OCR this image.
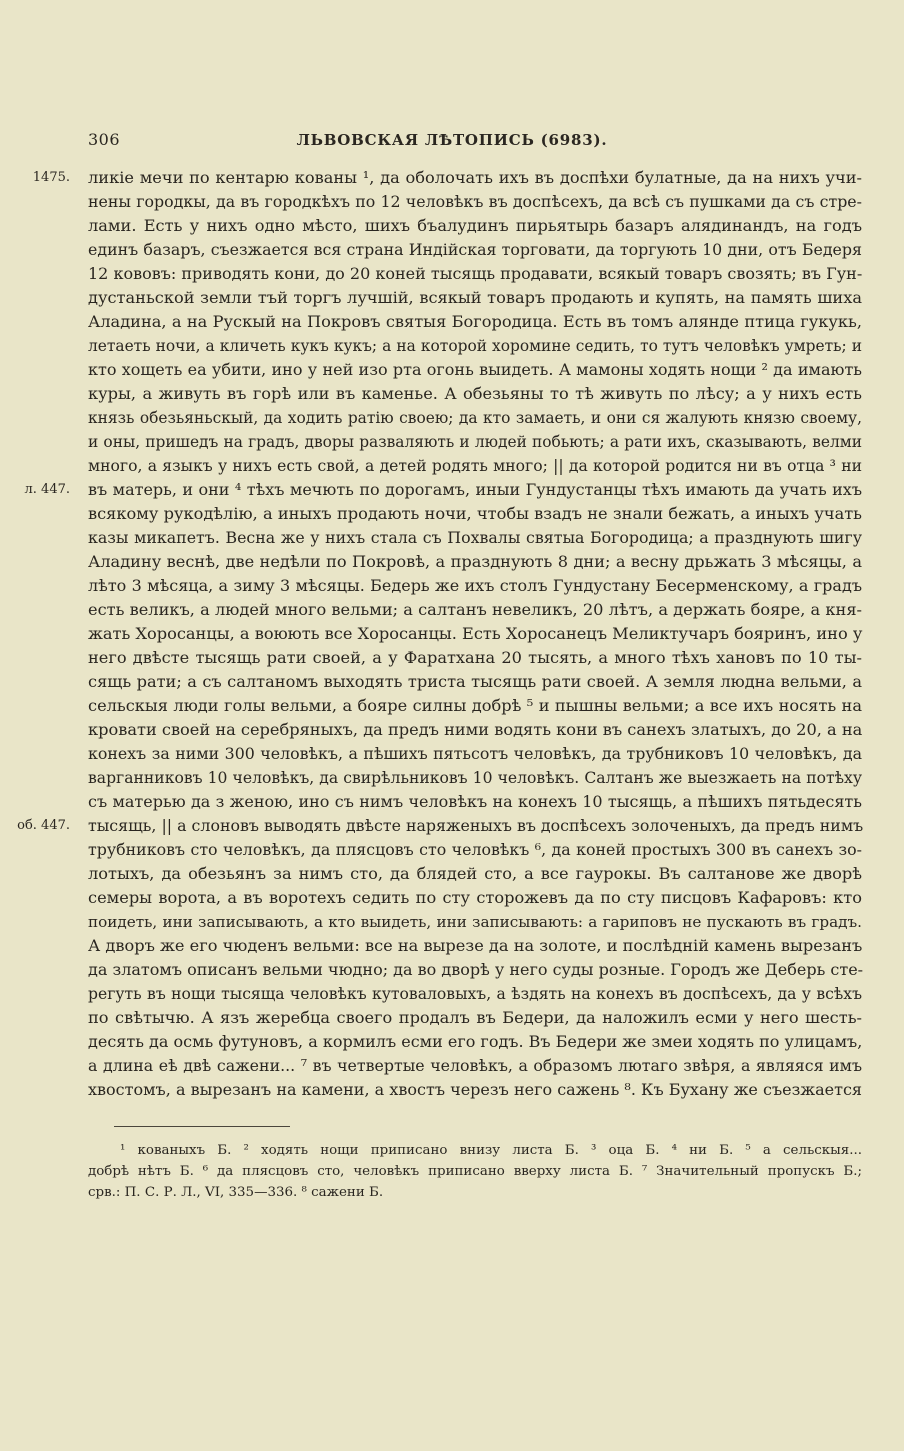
306	ЛЬВОВСКАЯ ЛѢТОПИСЬ (6983).
1475.
л. 447.
об. 447.
ликіе мечи по кентарю кованы ¹, да оболочать ихъ въ доспѣхи булатные, да на нихъ учи-
нены городкы, да въ городкѣхъ по 12 человѣкъ въ доспѣсехъ, да всѣ съ пушками да съ стре-
лами. Есть у нихъ одно мѣсто, шихъ бъалудинъ пирьятырь базаръ алядинандъ, на годъ
единъ базаръ, съезжается вся страна Индійская торговати, да торгують 10 дни, отъ Бедеря
12 кововъ: приводять кони, до 20 коней тысящь продавати, всякый товаръ свозять; въ Гун-
дустаньской земли тъй торгъ лучшiй, всякый товаръ продають и купять, на память шиха
Аладина, а на Рускый на Покровъ святыя Богородица. Есть въ томъ алянде птица гукукь,
летаеть ночи, а кличеть кукъ кукъ; а на которой хоромине седить, то тутъ человѣкъ умреть; и
кто хощеть еа убити, ино у ней изо рта огонь выидеть. А мамоны ходять нощи ² да имають
куры, а живуть въ горѣ или въ каменье. А обезьяны то тѣ живуть по лѣсу; а у нихъ есть
князь обезьяньскый, да ходить ратiю своею; да кто замаеть, и они ся жалують князю своему,
и оны, пришедъ на градъ, дворы разваляють и людей побьють; а рати ихъ, сказывають, велми
много, а языкъ у нихъ есть свой, а детей родять много; || да которой родится ни въ отца ³ ни
въ матерь, и они ⁴ тѣхъ мечють по дорогамъ, иныи Гундустанцы тѣхъ имають да учать ихъ
всякому рукодѣлiю, а иныхъ продають ночи, чтобы взадъ не знали бежать, а иныхъ учать
казы микапетъ. Весна же у нихъ стала съ Похвалы святыа Богородица; а празднують шигу
Аладину веснѣ, две недѣли по Покровѣ, а празднують 8 дни; а весну дрьжать 3 мѣсяцы, а
лѣто 3 мѣсяца, а зиму 3 мѣсяцы. Бедерь же ихъ столъ Гундустану Бесерменскому, а градъ
есть великъ, а людей много вельми; а салтанъ невеликъ, 20 лѣтъ, а держать бояре, а кня-
жать Хоросанцы, а воюють все Хоросанцы. Есть Хоросанецъ Меликтучаръ бояринъ, ино у
него двѣсте тысящь рати своей, а у Фаратхана 20 тысять, а много тѣхъ хановъ по 10 ты-
сящь рати; а съ салтаномъ выходять триста тысящь рати своей. А земля людна вельми, а
сельскыя люди голы вельми, а бояре силны добрѣ ⁵ и пышны вельми; а все ихъ носять на
кровати своей на серебряныхъ, да предъ ними водять кони въ санехъ златыхъ, до 20, а на
конехъ за ними 300 человѣкъ, а пѣшихъ пятьсотъ человѣкъ, да трубниковъ 10 человѣкъ, да
варганниковъ 10 человѣкъ, да свирѣльниковъ 10 человѣкъ. Салтанъ же выезжаеть на потѣху
съ матерью да з женою, ино съ нимъ человѣкъ на конехъ 10 тысящь, а пѣшихъ пятьдесять
тысящь, || а слоновъ выводять двѣсте наряженыхъ въ доспѣсехъ золоченыхъ, да предъ нимъ
трубниковъ сто человѣкъ, да плясцовъ сто человѣкъ ⁶, да коней простыхъ 300 въ санехъ зо-
лотыхъ, да обезьянъ за нимъ сто, да блядей сто, а все гаурокы. Въ салтанове же дворѣ
семеры ворота, а въ воротехъ седить по сту сторожевъ да по сту писцовъ Кафаровъ: кто
поидеть, ини записывають, а кто выидеть, ини записывають: а гариповъ не пускають въ градъ.
А дворъ же его чюденъ вельми: все на вырезе да на золоте, и послѣднiй камень вырезанъ
да златомъ описанъ вельми чюдно; да во дворѣ у него суды розные. Городъ же Деберь сте-
регуть въ нощи тысяща человѣкъ кутоваловыхъ, а ѣздять на конехъ въ доспѣсехъ, да у всѣхъ
по свѣтычю. А язъ жеребца своего продалъ въ Бедери, да наложилъ есми у него шесть-
десять да осмь футуновъ, а кормилъ есми его годъ. Въ Бедери же змеи ходять по улицамъ,
а длина еѣ двѣ сажени... ⁷ въ четвертые человѣкъ, а образомъ лютаго звѣря, а являяся имъ
хвостомъ, а вырезанъ на камени, а хвостъ черезъ него сажень ⁸. Къ Бухану же съезжается
¹ кованыхъ Б. ² ходять нощи приписано внизу листа Б. ³ оца Б. ⁴ ни Б. ⁵ а сельскыя...
добрѣ нѣтъ Б. ⁶ да плясцовъ сто, человѣкъ приписано вверху листа Б. ⁷ Значительный пропускъ Б.;
срв.: П. С. Р. Л., VI, 335—336. ⁸ сажени Б.
